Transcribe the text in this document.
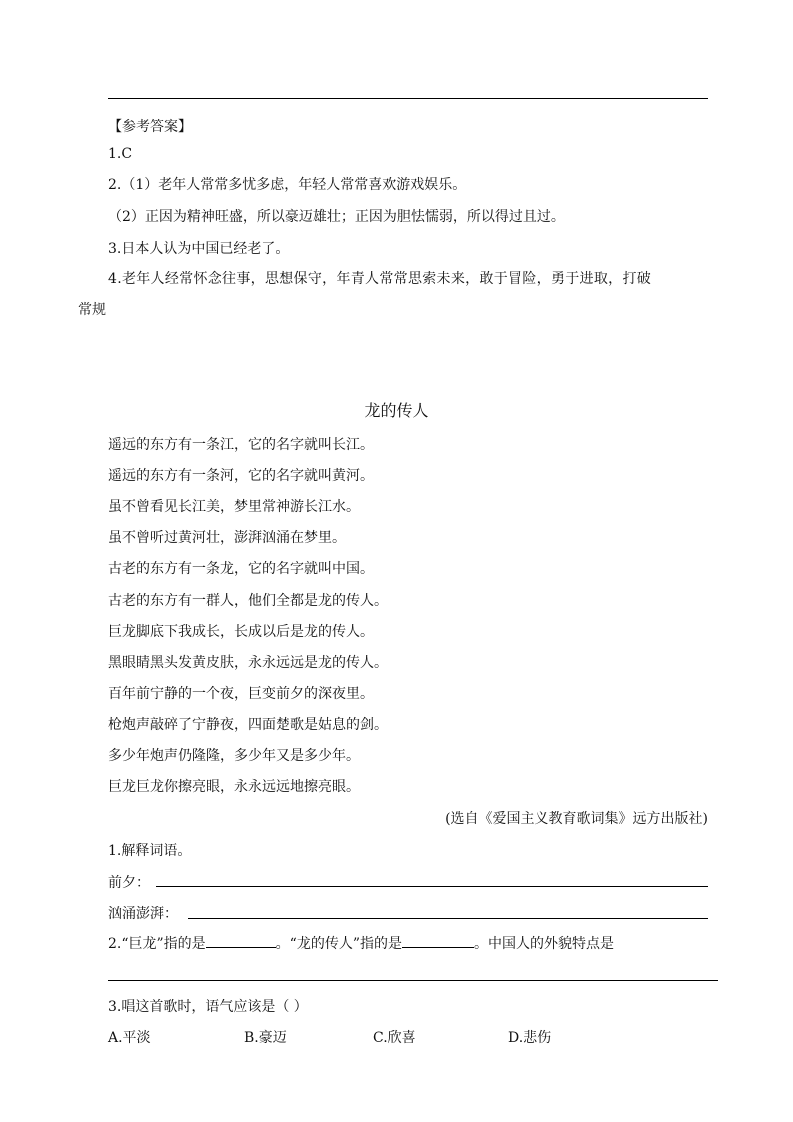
【参考答案】
1.C
2.（1）老年人常常多忧多虑，年轻人常常喜欢游戏娱乐。
（2）正因为精神旺盛，所以豪迈雄壮；正因为胆怯懦弱，所以得过且过。
3.日本人认为中国已经老了。
4.老年人经常怀念往事，思想保守，年青人常常思索未来，敢于冒险，勇于进取，打破
常规
龙的传人
遥远的东方有一条江，它的名字就叫长江。
遥远的东方有一条河，它的名字就叫黄河。
虽不曾看见长江美，梦里常神游长江水。
虽不曾听过黄河壮，澎湃汹涌在梦里。
古老的东方有一条龙，它的名字就叫中国。
古老的东方有一群人，他们全都是龙的传人。
巨龙脚底下我成长，长成以后是龙的传人。
黑眼睛黑头发黄皮肤，永永远远是龙的传人。
百年前宁静的一个夜，巨变前夕的深夜里。
枪炮声敲碎了宁静夜，四面楚歌是姑息的剑。
多少年炮声仍隆隆，多少年又是多少年。
巨龙巨龙你擦亮眼，永永远远地擦亮眼。
(选自《爱国主义教育歌词集》远方出版社)
1.解释词语。
前夕：
汹涌澎湃：
2.“巨龙”指的是	。“龙的传人”指的是	。中国人的外貌特点是
3.唱这首歌时，语气应该是（ ）
A.平淡	B.豪迈	C.欣喜	D.悲伤
